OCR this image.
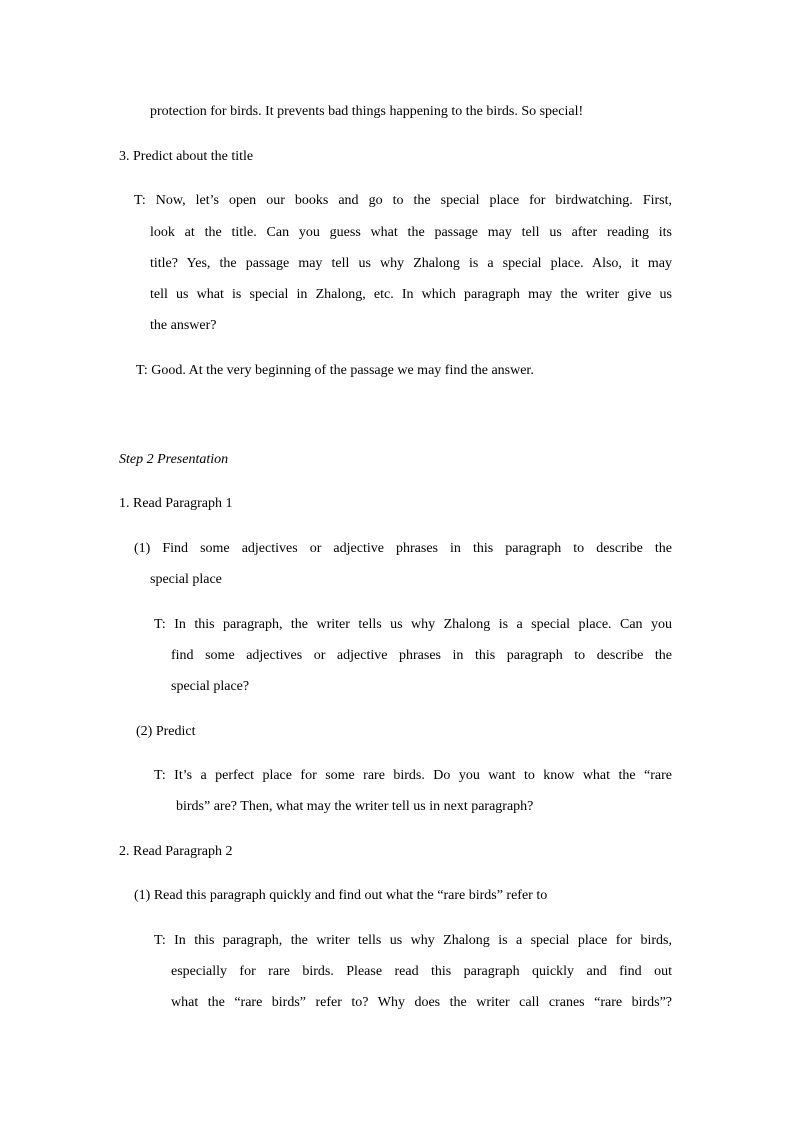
protection for birds. It prevents bad things happening to the birds. So special!
3. Predict about the title
T: Now, let’s open our books and go to the special place for birdwatching. First,
look at the title. Can you guess what the passage may tell us after reading its
title? Yes, the passage may tell us why Zhalong is a special place. Also, it may
tell us what is special in Zhalong, etc. In which paragraph may the writer give us
the answer?
T: Good. At the very beginning of the passage we may find the answer.
Step 2 Presentation
1. Read Paragraph 1
(1) Find some adjectives or adjective phrases in this paragraph to describe the
special place
T: In this paragraph, the writer tells us why Zhalong is a special place. Can you
find some adjectives or adjective phrases in this paragraph to describe the
special place?
(2) Predict
T: It’s a perfect place for some rare birds. Do you want to know what the “rare
birds” are? Then, what may the writer tell us in next paragraph?
2. Read Paragraph 2
(1) Read this paragraph quickly and find out what the “rare birds” refer to
T: In this paragraph, the writer tells us why Zhalong is a special place for birds,
especially for rare birds. Please read this paragraph quickly and find out
what the “rare birds” refer to? Why does the writer call cranes “rare birds”?
